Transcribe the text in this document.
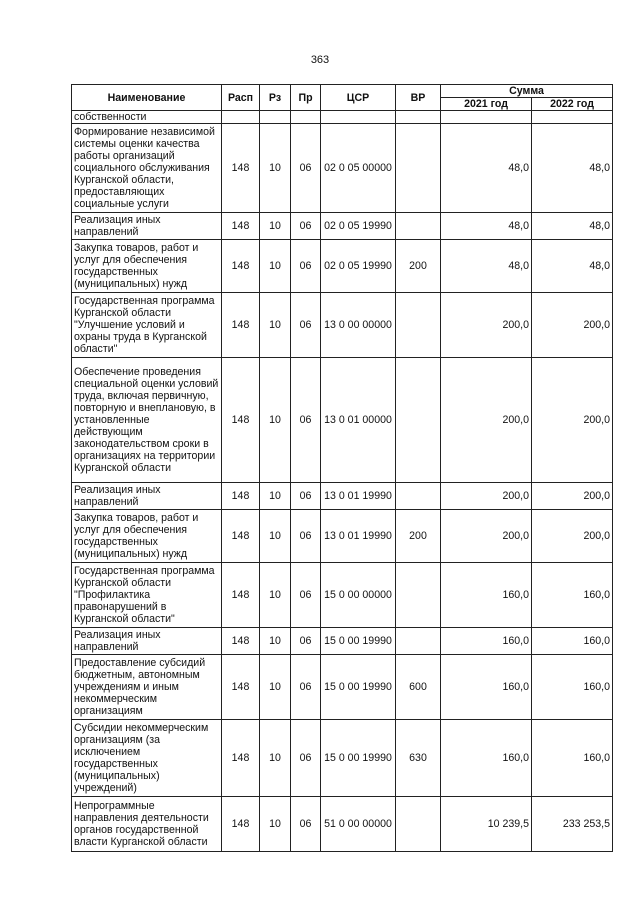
363
Наименование	Расп	Рз	Пр	ЦСР	ВР	Сумма	
						2021 год	2022 год
собственности							
Формирование независимой системы оценки качества работы организаций социального обслуживания Курганской области, предоставляющих социальные услуги	148	10	06	02 0 05 00000		48,0	48,0
Реализация иных направлений	148	10	06	02 0 05 19990		48,0	48,0
Закупка товаров, работ и услуг для обеспечения государственных (муниципальных) нужд	148	10	06	02 0 05 19990	200	48,0	48,0
Государственная программа Курганской области "Улучшение условий и охраны труда в Курганской области"	148	10	06	13 0 00 00000		200,0	200,0
Обеспечение проведения специальной оценки условий труда, включая первичную, повторную и внеплановую, в установленные действующим законодательством сроки в организациях на территории Курганской области	148	10	06	13 0 01 00000		200,0	200,0
Реализация иных направлений	148	10	06	13 0 01 19990		200,0	200,0
Закупка товаров, работ и услуг для обеспечения государственных (муниципальных) нужд	148	10	06	13 0 01 19990	200	200,0	200,0
Государственная программа Курганской области "Профилактика правонарушений в Курганской области"	148	10	06	15 0 00 00000		160,0	160,0
Реализация иных направлений	148	10	06	15 0 00 19990		160,0	160,0
Предоставление субсидий бюджетным, автономным учреждениям и иным некоммерческим организациям	148	10	06	15 0 00 19990	600	160,0	160,0
Субсидии некоммерческим организациям (за исключением государственных (муниципальных) учреждений)	148	10	06	15 0 00 19990	630	160,0	160,0
Непрограммные направления деятельности органов государственной власти Курганской области	148	10	06	51 0 00 00000		10 239,5	233 253,5
